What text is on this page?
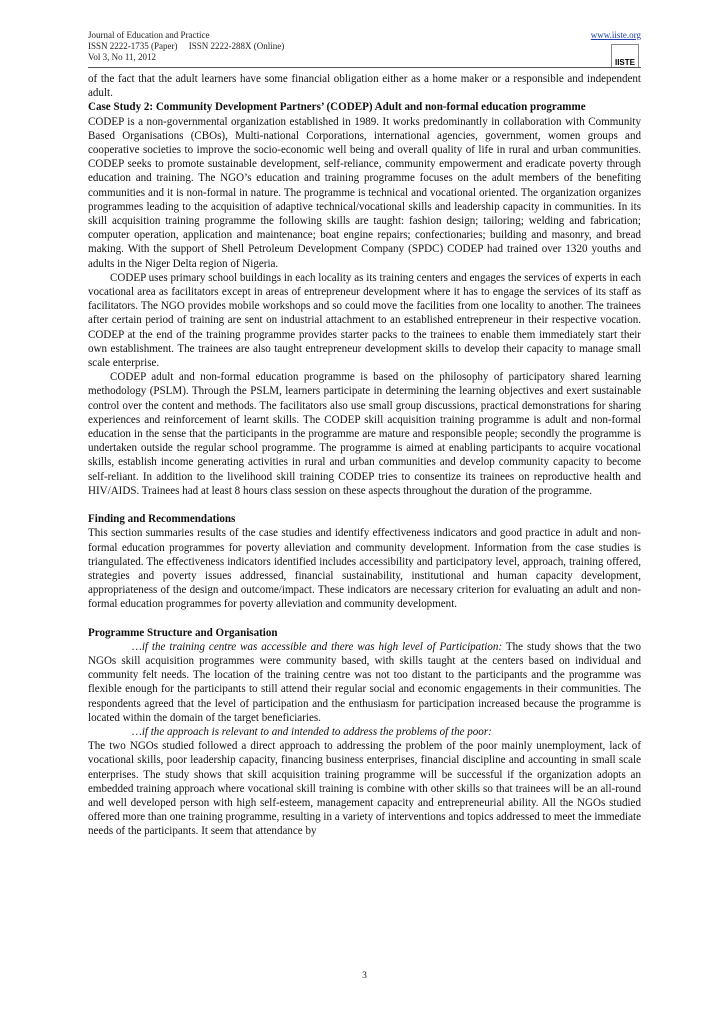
Journal of Education and Practice
ISSN 2222-1735 (Paper)     ISSN 2222-288X (Online)
Vol 3, No 11, 2012
www.iiste.org
IISTE

of the fact that the adult learners have some financial obligation either as a home maker or a responsible and independent adult.

Case Study 2: Community Development Partners’ (CODEP) Adult and non-formal education programme

CODEP is a non-governmental organization established in 1989. It works predominantly in collaboration with Community Based Organisations (CBOs), Multi-national Corporations, international agencies, government, women groups and cooperative societies to improve the socio-economic well being and overall quality of life in rural and urban communities. CODEP seeks to promote sustainable development, self-reliance, community empowerment and eradicate poverty through education and training. The NGO’s education and training programme focuses on the adult members of the benefiting communities and it is non-formal in nature. The programme is technical and vocational oriented. The organization organizes programmes leading to the acquisition of adaptive technical/vocational skills and leadership capacity in communities. In its skill acquisition training programme the following skills are taught: fashion design; tailoring; welding and fabrication; computer operation, application and maintenance; boat engine repairs; confectionaries; building and masonry, and bread making. With the support of Shell Petroleum Development Company (SPDC) CODEP had trained over 1320 youths and adults in the Niger Delta region of Nigeria.

CODEP uses primary school buildings in each locality as its training centers and engages the services of experts in each vocational area as facilitators except in areas of entrepreneur development where it has to engage the services of its staff as facilitators. The NGO provides mobile workshops and so could move the facilities from one locality to another. The trainees after certain period of training are sent on industrial attachment to an established entrepreneur in their respective vocation. CODEP at the end of the training programme provides starter packs to the trainees to enable them immediately start their own establishment. The trainees are also taught entrepreneur development skills to develop their capacity to manage small scale enterprise.

CODEP adult and non-formal education programme is based on the philosophy of participatory shared learning methodology (PSLM). Through the PSLM, learners participate in determining the learning objectives and exert sustainable control over the content and methods. The facilitators also use small group discussions, practical demonstrations for sharing experiences and reinforcement of learnt skills. The CODEP skill acquisition training programme is adult and non-formal education in the sense that the participants in the programme are mature and responsible people; secondly the programme is undertaken outside the regular school programme. The programme is aimed at enabling participants to acquire vocational skills, establish income generating activities in rural and urban communities and develop community capacity to become self-reliant. In addition to the livelihood skill training CODEP tries to consentize its trainees on reproductive health and HIV/AIDS. Trainees had at least 8 hours class session on these aspects throughout the duration of the programme.

Finding and Recommendations

This section summaries results of the case studies and identify effectiveness indicators and good practice in adult and non-formal education programmes for poverty alleviation and community development. Information from the case studies is triangulated. The effectiveness indicators identified includes accessibility and participatory level, approach, training offered, strategies and poverty issues addressed, financial sustainability, institutional and human capacity development, appropriateness of the design and outcome/impact. These indicators are necessary criterion for evaluating an adult and non-formal education programmes for poverty alleviation and community development.

Programme Structure and Organisation

…if the training centre was accessible and there was high level of Participation: The study shows that the two NGOs skill acquisition programmes were community based, with skills taught at the centers based on individual and community felt needs. The location of the training centre was not too distant to the participants and the programme was flexible enough for the participants to still attend their regular social and economic engagements in their communities. The respondents agreed that the level of participation and the enthusiasm for participation increased because the programme is located within the domain of the target beneficiaries.

…if the approach is relevant to and intended to address the problems of the poor:

The two NGOs studied followed a direct approach to addressing the problem of the poor mainly unemployment, lack of vocational skills, poor leadership capacity, financing business enterprises, financial discipline and accounting in small scale enterprises. The study shows that skill acquisition training programme will be successful if the organization adopts an embedded training approach where vocational skill training is combine with other skills so that trainees will be an all-round and well developed person with high self-esteem, management capacity and entrepreneurial ability. All the NGOs studied offered more than one training programme, resulting in a variety of interventions and topics addressed to meet the immediate needs of the participants. It seem that attendance by

3
